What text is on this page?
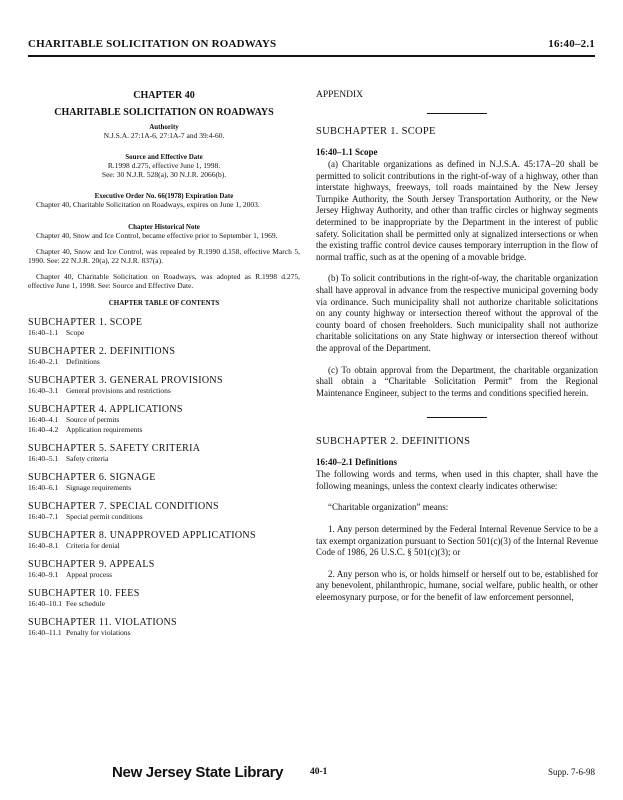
CHARITABLE SOLICITATION ON ROADWAYS	16:40–2.1
CHAPTER 40
CHARITABLE SOLICITATION ON ROADWAYS
Authority
N.J.S.A. 27:1A-6, 27:1A-7 and 39:4-60.
Source and Effective Date
R.1998 d.275, effective June 1, 1998.
See: 30 N.J.R. 528(a), 30 N.J.R. 2066(b).
Executive Order No. 66(1978) Expiration Date

Chapter 40, Charitable Solicitation on Roadways, expires on June 1, 2003.

Chapter Historical Note

Chapter 40, Snow and Ice Control, became effective prior to September 1, 1969.

Chapter 40, Snow and Ice Control, was repealed by R.1990 d.158, effective March 5, 1990. See: 22 N.J.R. 20(a), 22 N.J.R. 837(a).

Chapter 40, Charitable Solicitation on Roadways, was adopted as R.1998 d.275, effective June 1, 1998. See: Source and Effective Date.

CHAPTER TABLE OF CONTENTS
SUBCHAPTER 1. SCOPE
16:40–1.1 Scope
SUBCHAPTER 2. DEFINITIONS
16:40–2.1 Definitions
SUBCHAPTER 3. GENERAL PROVISIONS
16:40–3.1 General provisions and restrictions
SUBCHAPTER 4. APPLICATIONS
16:40–4.1 Source of permits
16:40–4.2 Application requirements
SUBCHAPTER 5. SAFETY CRITERIA
16:40–5.1 Safety criteria
SUBCHAPTER 6. SIGNAGE
16:40–6.1 Signage requirements
SUBCHAPTER 7. SPECIAL CONDITIONS
16:40–7.1 Special permit conditions
SUBCHAPTER 8. UNAPPROVED APPLICATIONS
16:40–8.1 Criteria for denial
SUBCHAPTER 9. APPEALS
16:40–9.1 Appeal process
SUBCHAPTER 10. FEES
16:40–10.1 Fee schedule
SUBCHAPTER 11. VIOLATIONS
16:40–11.1 Penalty for violations
APPENDIX
SUBCHAPTER 1. SCOPE
16:40–1.1 Scope

(a) Charitable organizations as defined in N.J.S.A. 45:17A–20 shall be permitted to solicit contributions in the right-of-way of a highway, other than interstate highways, freeways, toll roads maintained by the New Jersey Turnpike Authority, the South Jersey Transportation Authority, or the New Jersey Highway Authority, and other than traffic circles or highway segments determined to be inappropriate by the Department in the interest of public safety. Solicitation shall be permitted only at signalized intersections or when the existing traffic control device causes temporary interruption in the flow of normal traffic, such as at the opening of a movable bridge.

(b) To solicit contributions in the right-of-way, the charitable organization shall have approval in advance from the respective municipal governing body via ordinance. Such municipality shall not authorize charitable solicitations on any county highway or intersection thereof without the approval of the county board of chosen freeholders. Such municipality shall not authorize charitable solicitations on any State highway or intersection thereof without the approval of the Department.

(c) To obtain approval from the Department, the charitable organization shall obtain a “Charitable Solicitation Permit” from the Regional Maintenance Engineer, subject to the terms and conditions specified herein.

SUBCHAPTER 2. DEFINITIONS
16:40–2.1 Definitions

The following words and terms, when used in this chapter, shall have the following meanings, unless the context clearly indicates otherwise:

“Charitable organization” means:

1. Any person determined by the Federal Internal Revenue Service to be a tax exempt organization pursuant to Section 501(c)(3) of the Internal Revenue Code of 1986, 26 U.S.C. § 501(c)(3); or

2. Any person who is, or holds himself or herself out to be, established for any benevolent, philanthropic, humane, social welfare, public health, or other eleemosynary purpose, or for the benefit of law enforcement personnel,

New Jersey State Library	40-1	Supp. 7-6-98
